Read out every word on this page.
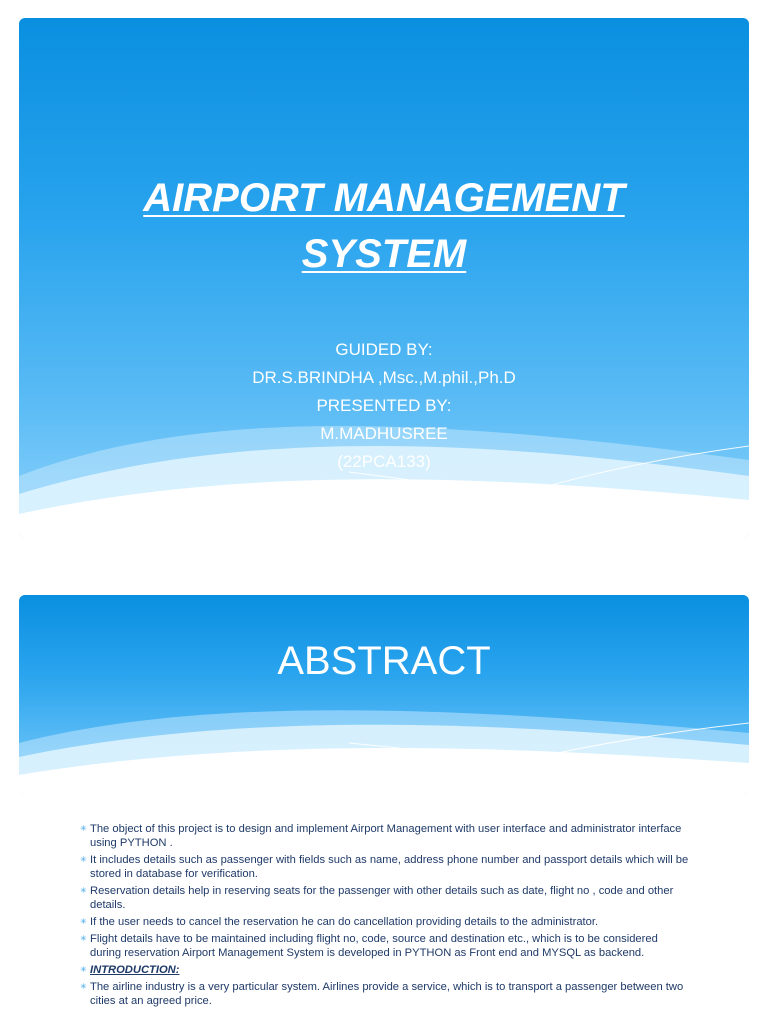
AIRPORT MANAGEMENT
SYSTEM
GUIDED BY:
DR.S.BRINDHA ,Msc.,M.phil.,Ph.D
PRESENTED BY:
M.MADHUSREE
(22PCA133)
ABSTRACT
✳ The object of this project is to design and implement Airport Management with user interface and administrator interface using PYTHON .
✳ It includes details such as passenger with fields such as name, address phone number and passport details which will be stored in database for verification.
✳ Reservation details help in reserving seats for the passenger with other details such as date, flight no , code and other details.
✳ If the user needs to cancel the reservation he can do cancellation providing details to the administrator.
✳ Flight details have to be maintained including flight no, code, source and destination etc., which is to be considered during reservation Airport Management System is developed in PYTHON as Front end and MYSQL as backend.
✳ INTRODUCTION:
✳ The airline industry is a very particular system. Airlines provide a service, which is to transport a passenger between two cities at an agreed price.
